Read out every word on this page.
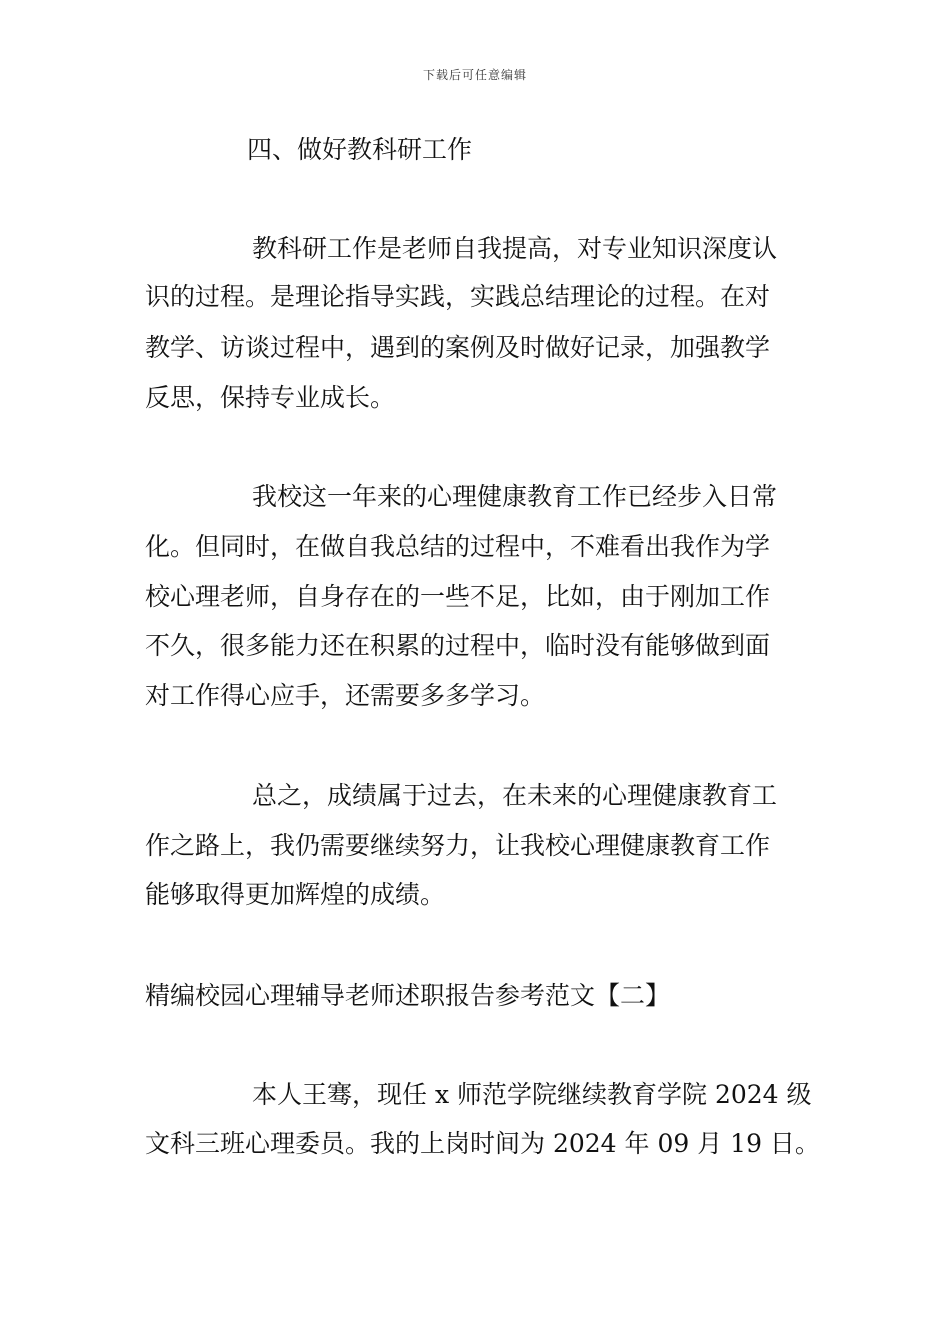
下载后可任意编辑
四、做好教科研工作
教科研工作是老师自我提高，对专业知识深度认
识的过程。是理论指导实践，实践总结理论的过程。在对
教学、访谈过程中，遇到的案例及时做好记录，加强教学
反思，保持专业成长。
我校这一年来的心理健康教育工作已经步入日常
化。但同时，在做自我总结的过程中，不难看出我作为学
校心理老师，自身存在的一些不足，比如，由于刚加工作
不久，很多能力还在积累的过程中，临时没有能够做到面
对工作得心应手，还需要多多学习。
总之，成绩属于过去，在未来的心理健康教育工
作之路上，我仍需要继续努力，让我校心理健康教育工作
能够取得更加辉煌的成绩。
精编校园心理辅导老师述职报告参考范文【二】
本人王骞，现任 x 师范学院继续教育学院 2024 级
文科三班心理委员。我的上岗时间为 2024 年 09 月 19 日。
